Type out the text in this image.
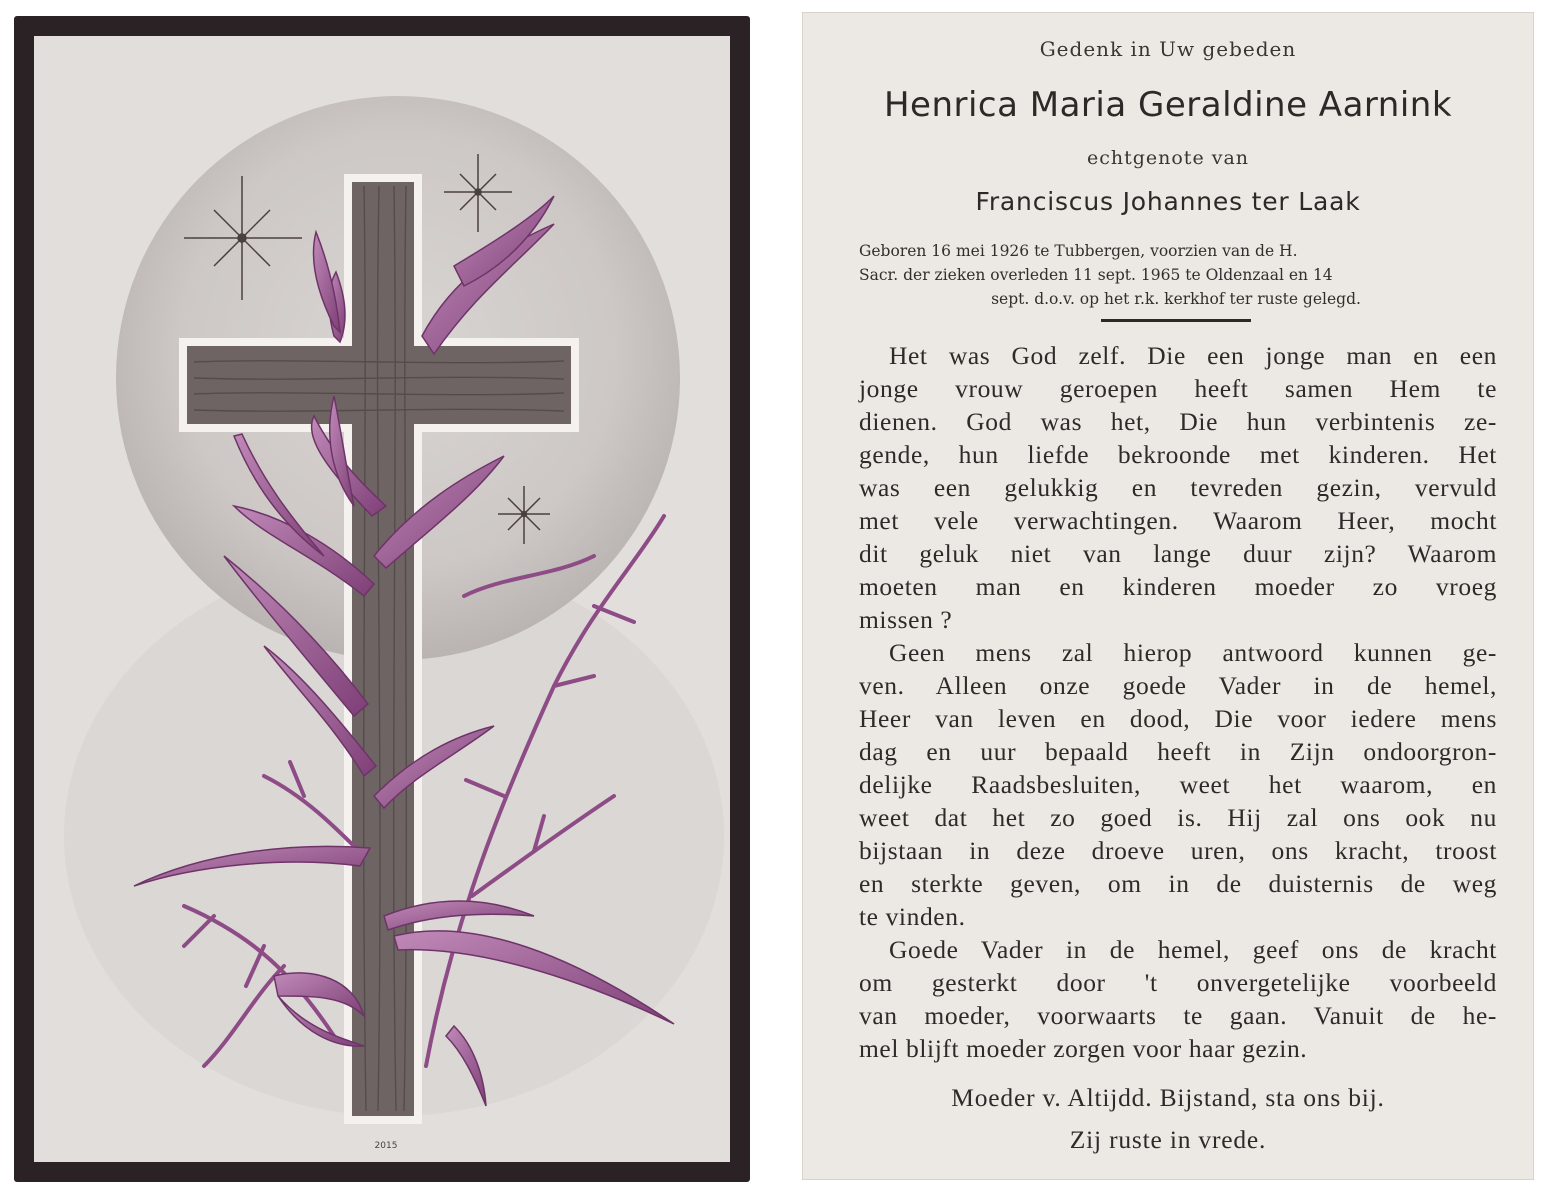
2015
Gedenk in Uw gebeden
Henrica Maria Geraldine Aarnink
echtgenote van
Franciscus Johannes ter Laak
Geboren 16 mei 1926 te Tubbergen, voorzien van de H.
Sacr. der zieken overleden 11 sept. 1965 te Oldenzaal en 14
sept. d.o.v. op het r.k. kerkhof ter ruste gelegd.
Het was God zelf. Die een jonge man en een
jonge vrouw geroepen heeft samen Hem te
dienen. God was het, Die hun verbintenis ze-
gende, hun liefde bekroonde met kinderen. Het
was een gelukkig en tevreden gezin, vervuld
met vele verwachtingen. Waarom Heer, mocht
dit geluk niet van lange duur zijn? Waarom
moeten man en kinderen moeder zo vroeg
missen ?
Geen mens zal hierop antwoord kunnen ge-
ven. Alleen onze goede Vader in de hemel,
Heer van leven en dood, Die voor iedere mens
dag en uur bepaald heeft in Zijn ondoorgron-
delijke Raadsbesluiten, weet het waarom, en
weet dat het zo goed is. Hij zal ons ook nu
bijstaan in deze droeve uren, ons kracht, troost
en sterkte geven, om in de duisternis de weg
te vinden.
Goede Vader in de hemel, geef ons de kracht
om gesterkt door 't onvergetelijke voorbeeld
van moeder, voorwaarts te gaan. Vanuit de he-
mel blijft moeder zorgen voor haar gezin.
Moeder v. Altijdd. Bijstand, sta ons bij.
Zij ruste in vrede.
